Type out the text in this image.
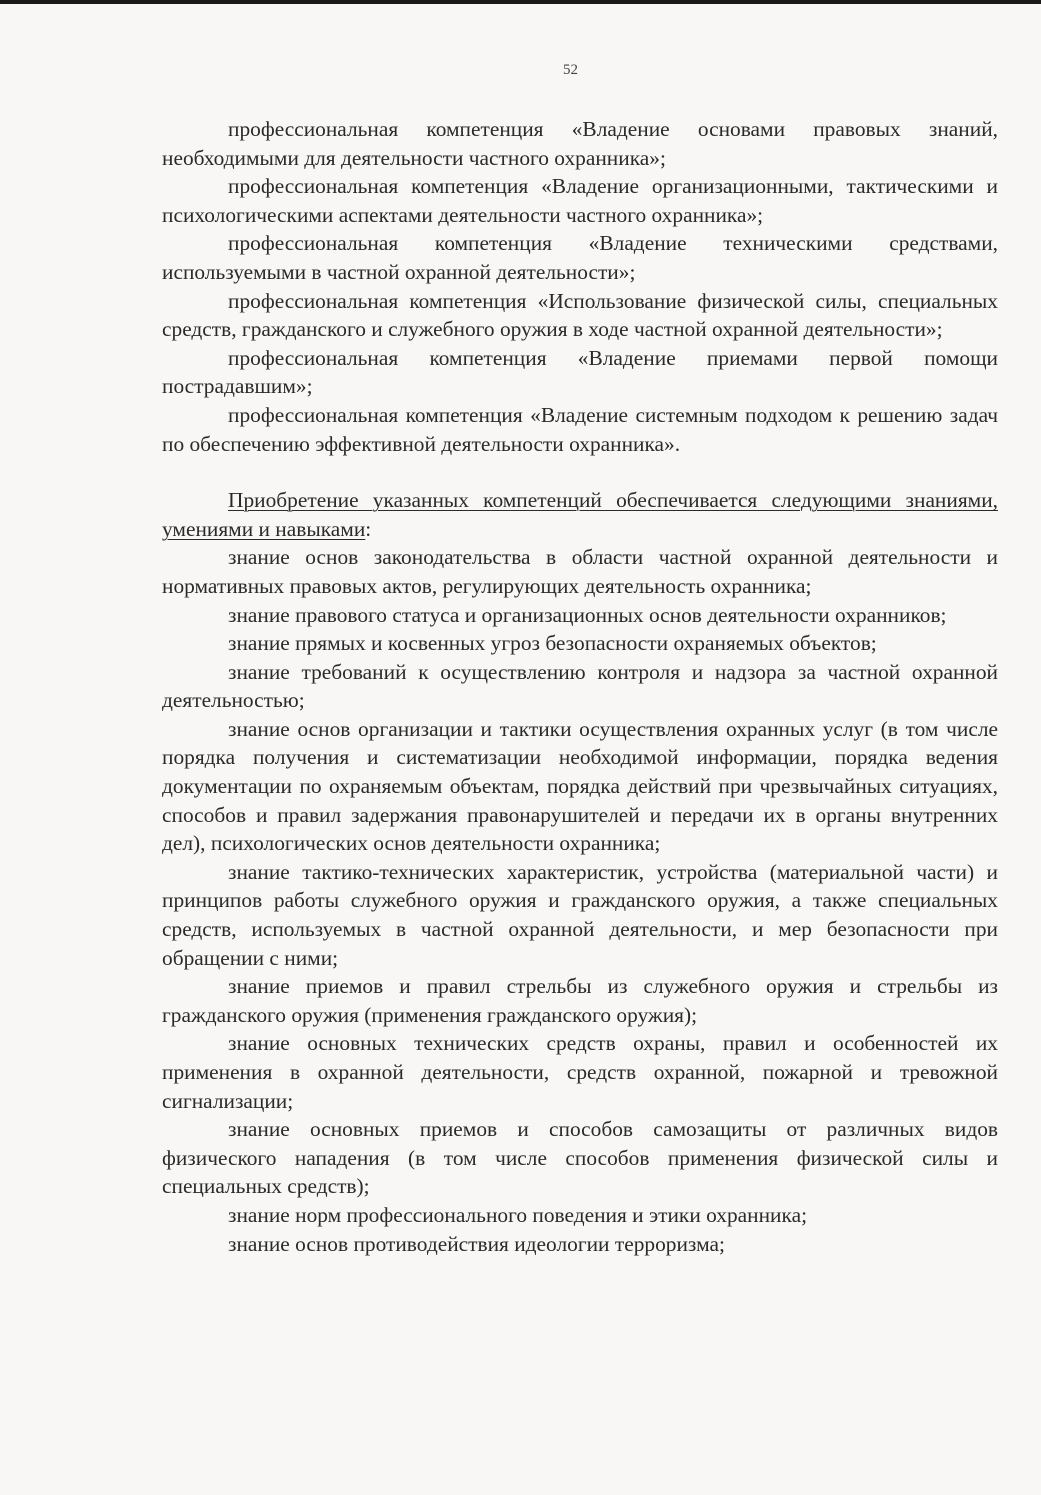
52

профессиональная компетенция «Владение основами правовых знаний, необходимыми для деятельности частного охранника»;

профессиональная компетенция «Владение организационными, тактическими и психологическими аспектами деятельности частного охранника»;

профессиональная компетенция «Владение техническими средствами, используемыми в частной охранной деятельности»;

профессиональная компетенция «Использование физической силы, специальных средств, гражданского и служебного оружия в ходе частной охранной деятельности»;

профессиональная компетенция «Владение приемами первой помощи пострадавшим»;

профессиональная компетенция «Владение системным подходом к решению задач по обеспечению эффективной деятельности охранника».

Приобретение указанных компетенций обеспечивается следующими знаниями, умениями и навыками:

знание основ законодательства в области частной охранной деятельности и нормативных правовых актов, регулирующих деятельность охранника;

знание правового статуса и организационных основ деятельности охранников;

знание прямых и косвенных угроз безопасности охраняемых объектов;

знание требований к осуществлению контроля и надзора за частной охранной деятельностью;

знание основ организации и тактики осуществления охранных услуг (в том числе порядка получения и систематизации необходимой информации, порядка ведения документации по охраняемым объектам, порядка действий при чрезвычайных ситуациях, способов и правил задержания правонарушителей и передачи их в органы внутренних дел), психологических основ деятельности охранника;

знание тактико-технических характеристик, устройства (материальной части) и принципов работы служебного оружия и гражданского оружия, а также специальных средств, используемых в частной охранной деятельности, и мер безопасности при обращении с ними;

знание приемов и правил стрельбы из служебного оружия и стрельбы из гражданского оружия (применения гражданского оружия);

знание основных технических средств охраны, правил и особенностей их применения в охранной деятельности, средств охранной, пожарной и тревожной сигнализации;

знание основных приемов и способов самозащиты от различных видов физического нападения (в том числе способов применения физической силы и специальных средств);

знание норм профессионального поведения и этики охранника;

знание основ противодействия идеологии терроризма;
